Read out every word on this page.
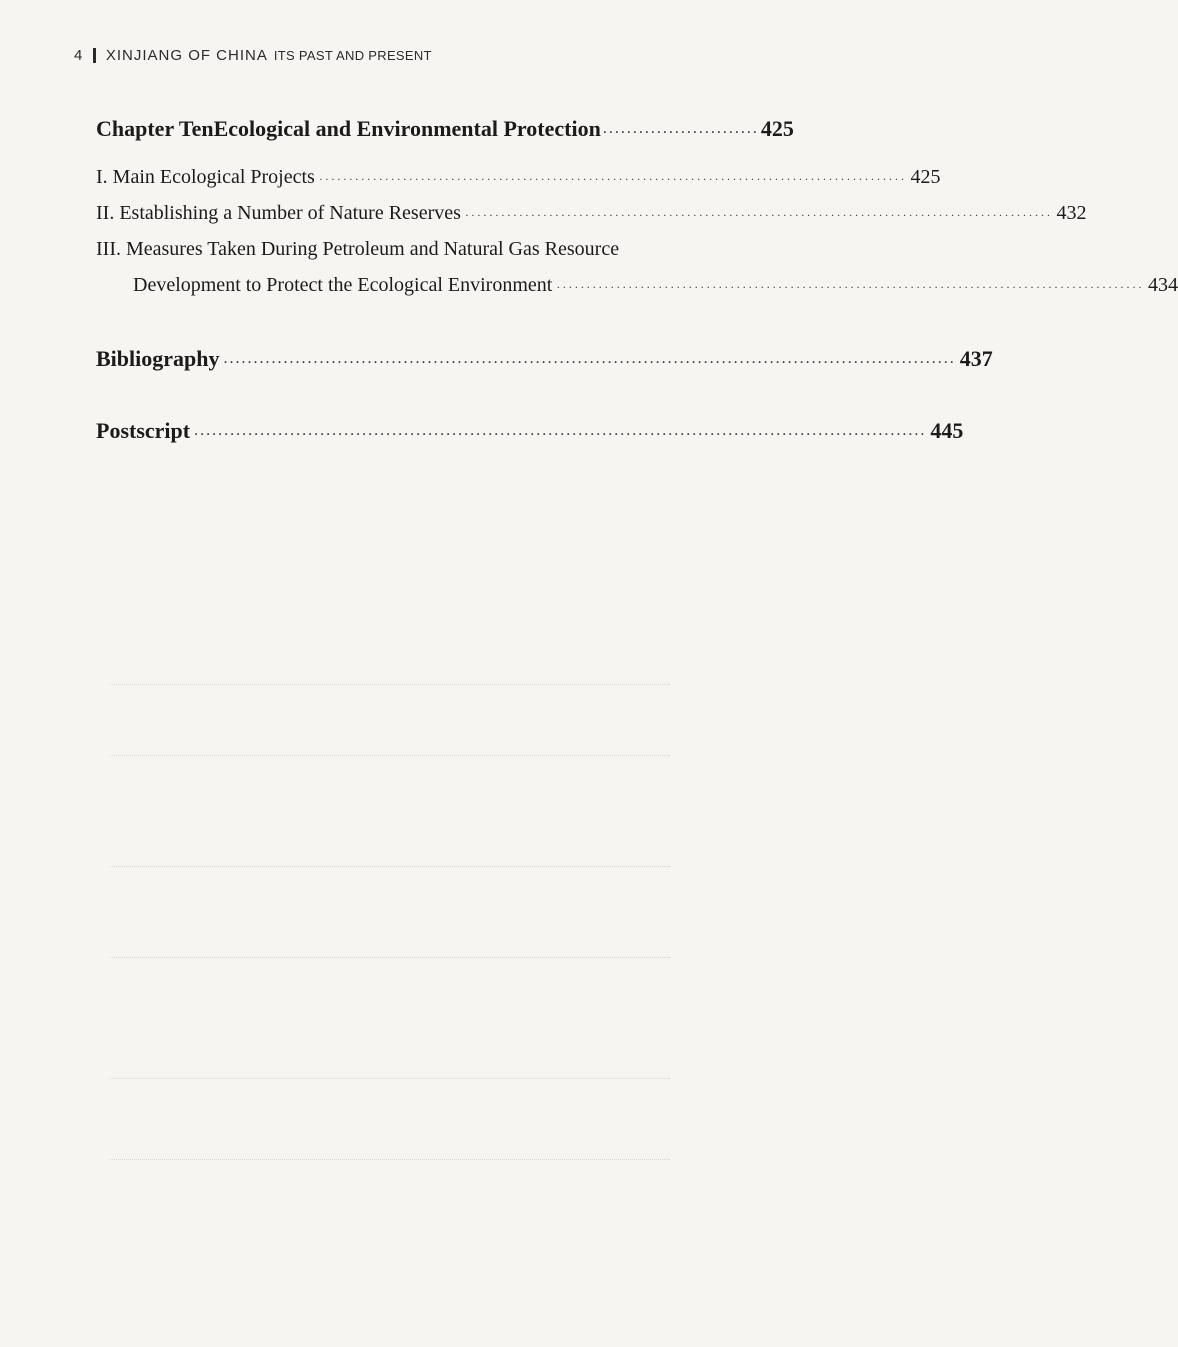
4 XINJIANG OF CHINA ITS PAST AND PRESENT
Chapter Ten Ecological and Environmental Protection ·························· 425
I. Main Ecological Projects ·································································································· 425
II. Establishing a Number of Nature Reserves ·································································································· 432
III. Measures Taken During Petroleum and Natural Gas Resource
Development to Protect the Ecological Environment ·································································································· 434
Bibliography ·························································································································· 437
Postscript ·························································································································· 445
